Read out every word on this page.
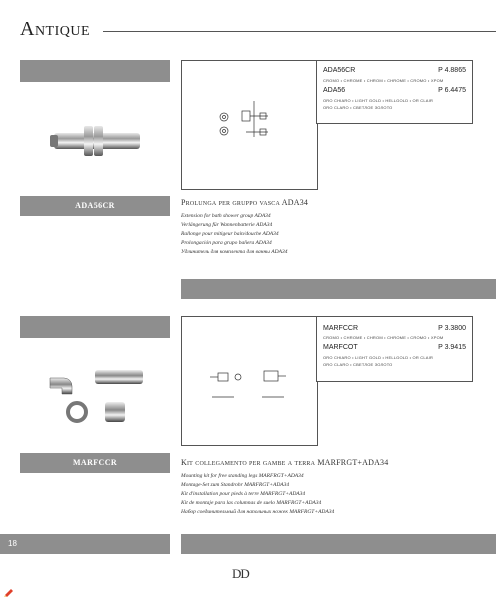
Antique
ADA56CR
ADA56CR	P 4.8865
CROMO • CHROME • CHROM • CHROME • CROMO • XPOM
ADA56	P 6.4475
ORO CHIARO • LIGHT GOLD • HELLGOLD • OR CLAIR
ORO CLARO • СВЕТЛОЕ ЗОЛОТО
Prolunga per gruppo vasca ADA34
Extension for bath shower group ADA34
Verlängerung für Wannenbatterie ADA34
Rallonge pour mitigeur bain/douche ADA34
Prolongación para grupo bañera ADA34
Удлинитель для комплекта для ванны ADA34
MARFCCR
MARFCCR	P 3.3800
CROMO • CHROME • CHROM • CHROME • CROMO • XPOM
MARFCOT	P 3.9415
ORO CHIARO • LIGHT GOLD • HELLGOLD • OR CLAIR
ORO CLARO • СВЕТЛОЕ ЗОЛОТО
Kit collegamento per gambe a terra MARFRGT+ADA34
Mounting kit for free standing legs MARFRGT+ADA34
Montage-Set zum Standrohr MARFRGT+ADA34
Kit d'installation pour pieds à terre MARFRGT+ADA34
Kit de montaje para las columnas de suelo MARFRGT+ADA34
Набор соединительный для напольных ножек MARFRGT+ADA34
18
DD
